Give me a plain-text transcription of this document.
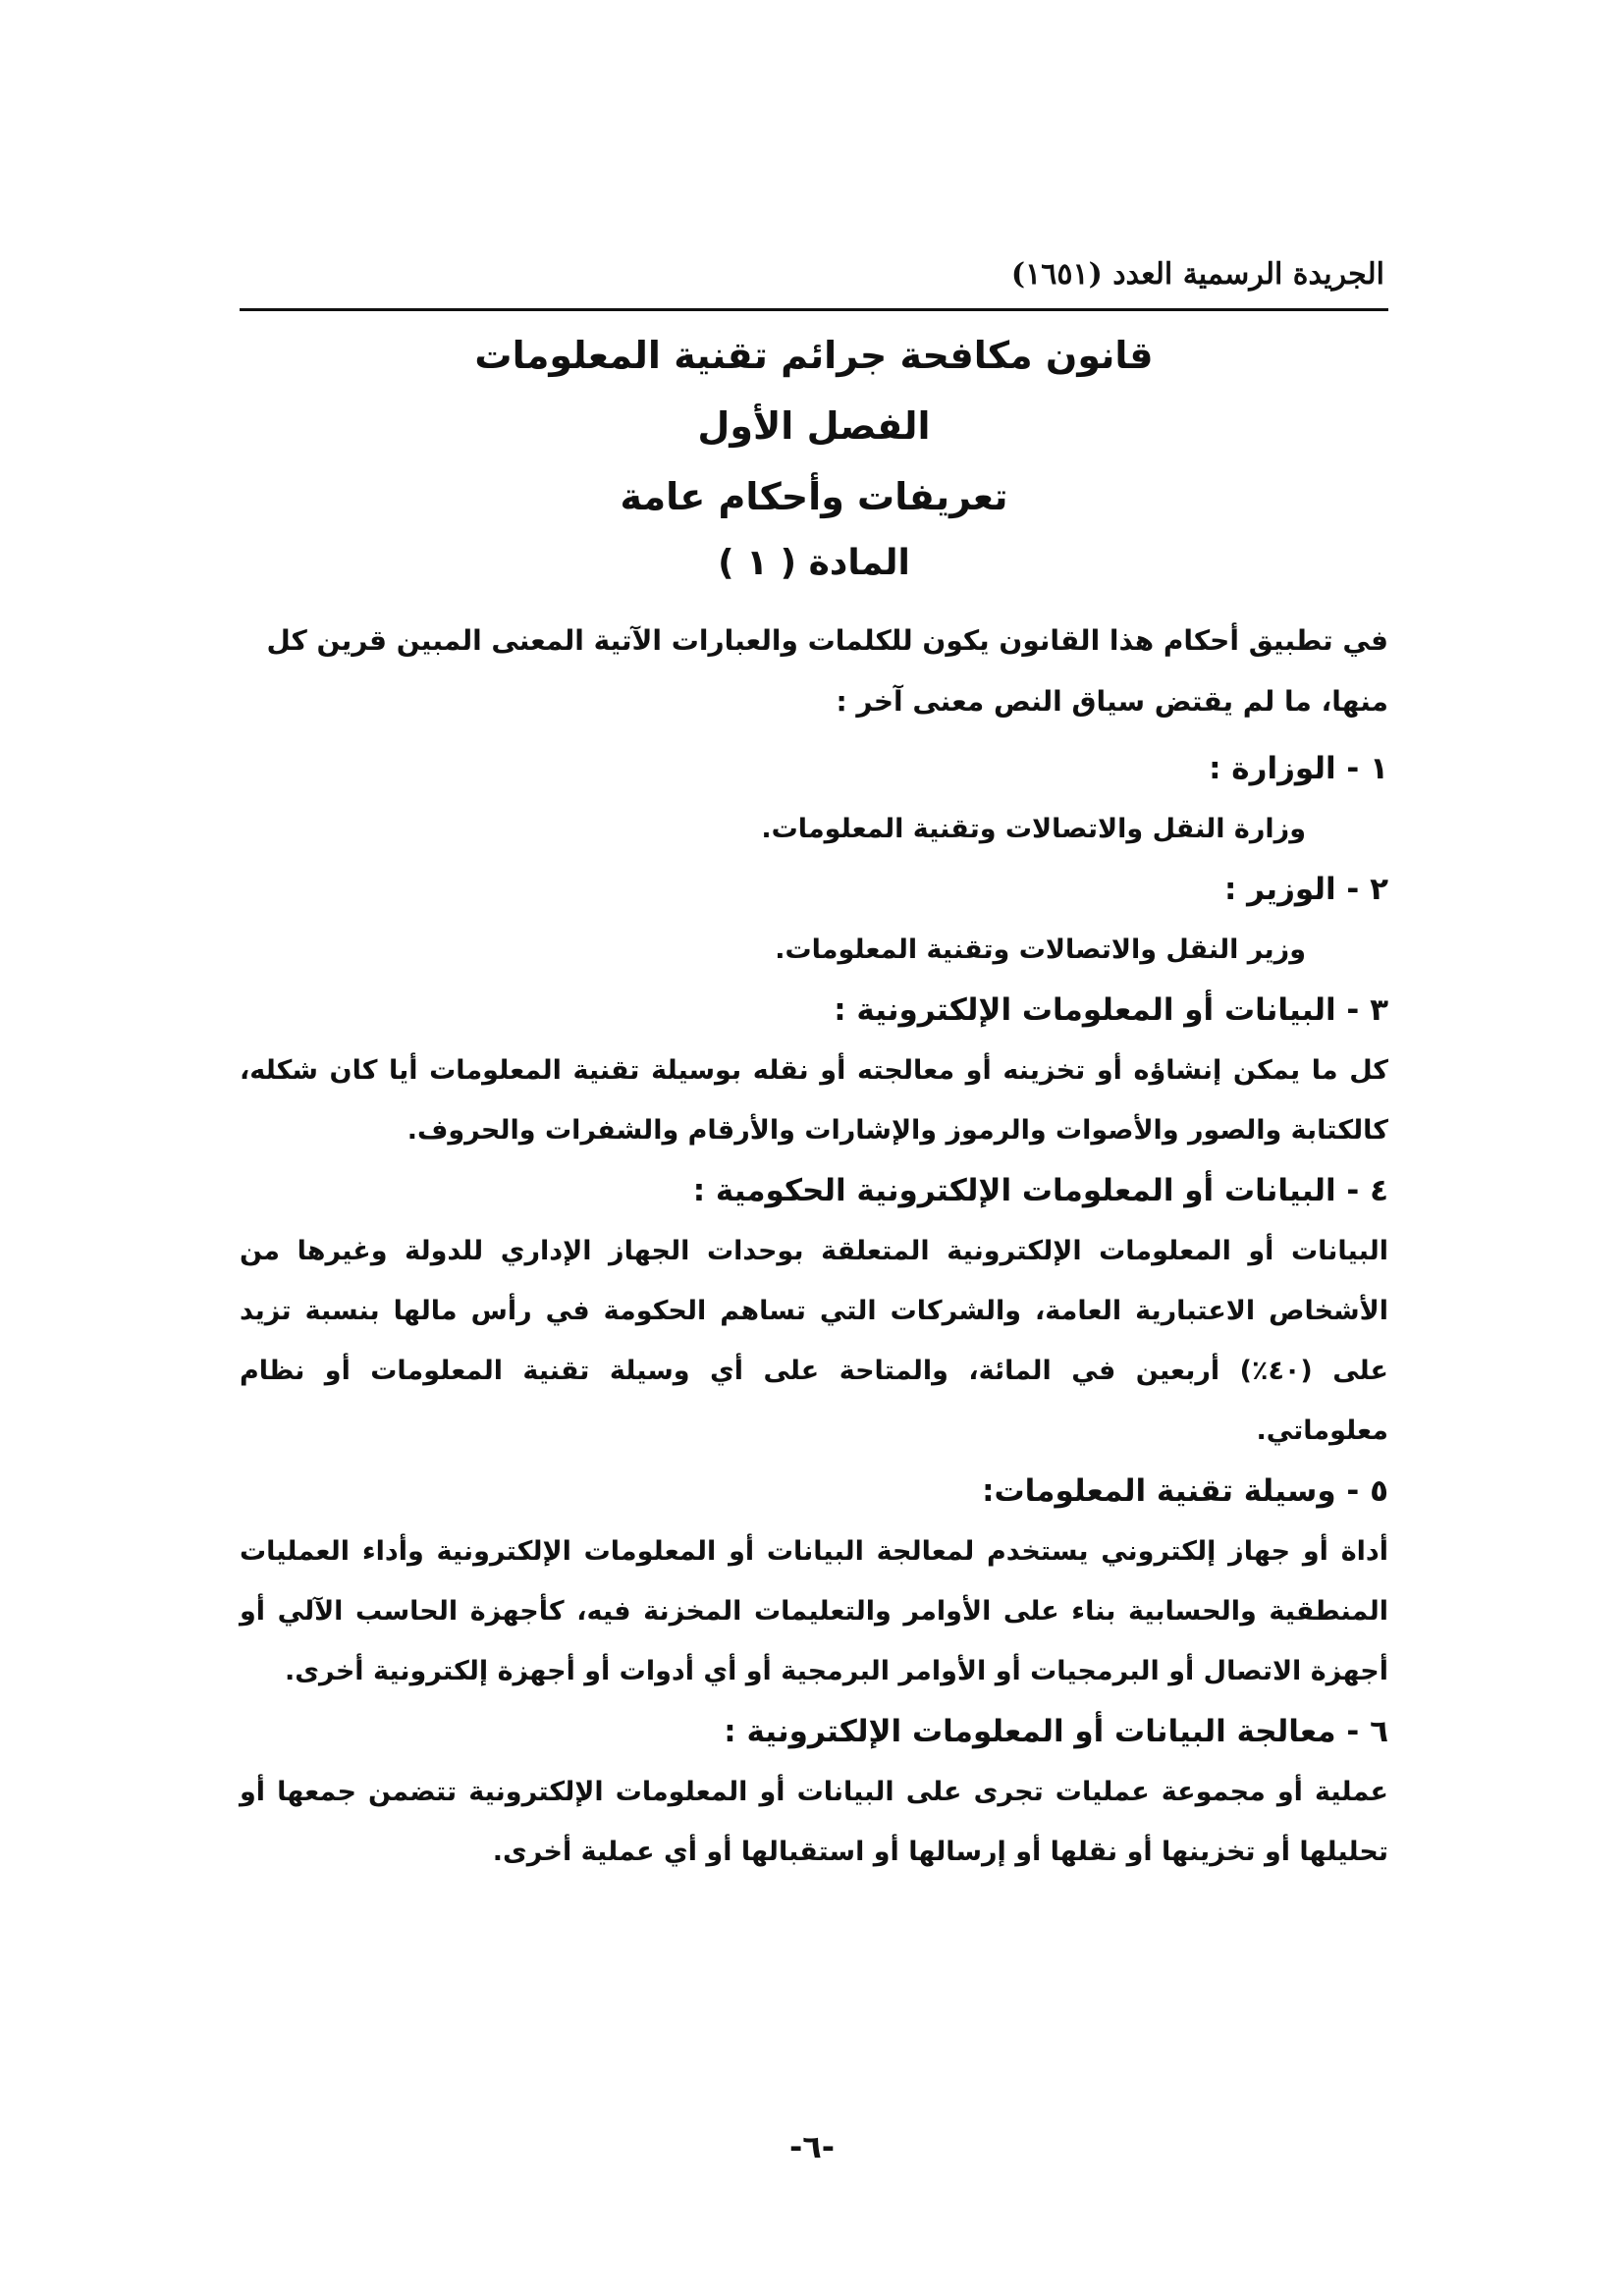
الجريدة الرسمية العدد (١٦٥١)
قانون مكافحة جرائم تقنية المعلومات
الفصل الأول
تعريفات وأحكام عامة
المادة ( ١ )
في تطبيق أحكام هذا القانون يكون للكلمات والعبارات الآتية المعنى المبين قرين كل منها، ما لم يقتض سياق النص معنى آخر :
١ - الوزارة :
وزارة النقل والاتصالات وتقنية المعلومات.
٢ - الوزير :
وزير النقل والاتصالات وتقنية المعلومات.
٣ - البيانات أو المعلومات الإلكترونية :
كل ما يمكن إنشاؤه أو تخزينه أو معالجته أو نقله بوسيلة تقنية المعلومات أيا كان شكله، كالكتابة والصور والأصوات والرموز والإشارات والأرقام والشفرات والحروف.
٤ - البيانات أو المعلومات الإلكترونية الحكومية :
البيانات أو المعلومات الإلكترونية المتعلقة بوحدات الجهاز الإداري للدولة وغيرها من الأشخاص الاعتبارية العامة، والشركات التي تساهم الحكومة في رأس مالها بنسبة تزيد على (٤٠٪) أربعين في المائة، والمتاحة على أي وسيلة تقنية المعلومات أو نظام معلوماتي.
٥ - وسيلة تقنية المعلومات:
أداة أو جهاز إلكتروني يستخدم لمعالجة البيانات أو المعلومات الإلكترونية وأداء العمليات المنطقية والحسابية بناء على الأوامر والتعليمات المخزنة فيه، كأجهزة الحاسب الآلي أو أجهزة الاتصال أو البرمجيات أو الأوامر البرمجية أو أي أدوات أو أجهزة إلكترونية أخرى.
٦ - معالجة البيانات أو المعلومات الإلكترونية :
عملية أو مجموعة عمليات تجرى على البيانات أو المعلومات الإلكترونية تتضمن جمعها أو تحليلها أو تخزينها أو نقلها أو إرسالها أو استقبالها أو أي عملية أخرى.
-٦-
